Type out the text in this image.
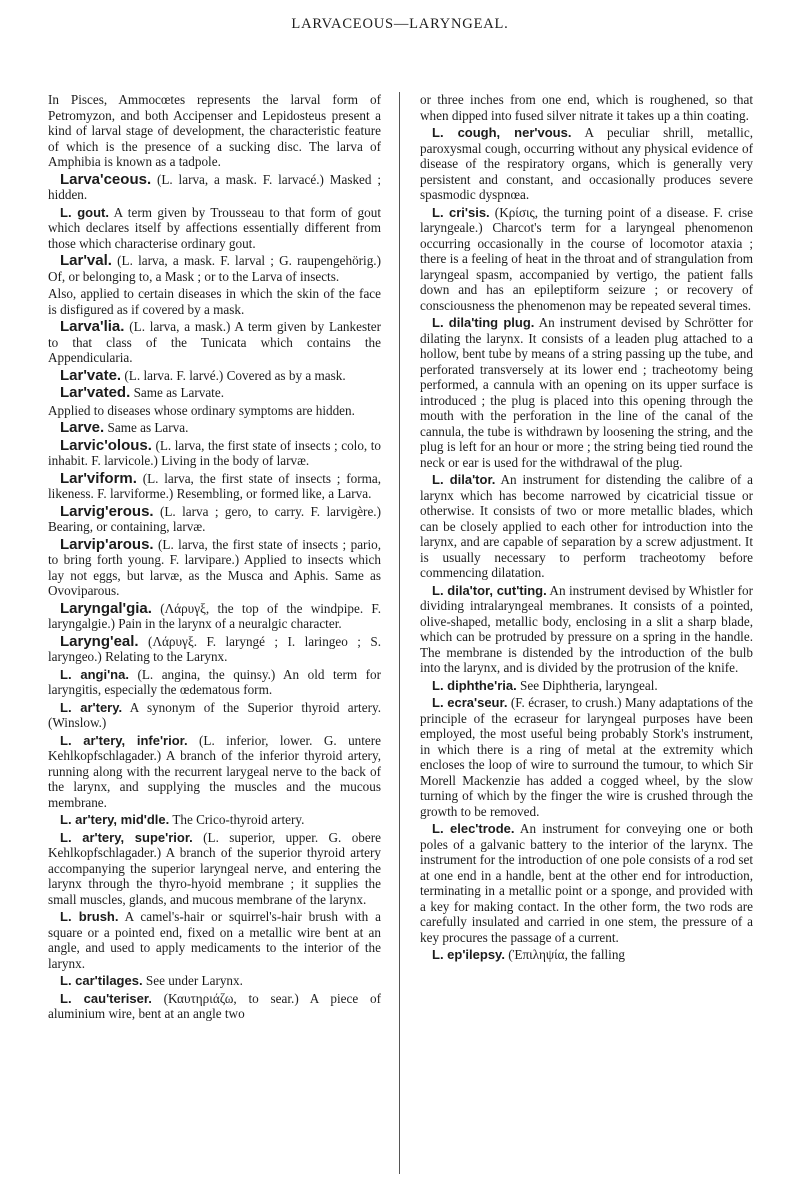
LARVACEOUS—LARYNGEAL.

In Pisces, Ammocœtes represents the larval form of Petromyzon, and both Accipenser and Lepidosteus present a kind of larval stage of development, the characteristic feature of which is the presence of a sucking disc. The larva of Amphibia is known as a tadpole.

Larva'ceous. (L. larva, a mask. F. larvacé.) Masked ; hidden.

L. gout. A term given by Trousseau to that form of gout which declares itself by affections essentially different from those which characterise ordinary gout.

Lar'val. (L. larva, a mask. F. larval ; G. raupengehörig.) Of, or belonging to, a Mask ; or to the Larva of insects.

Also, applied to certain diseases in which the skin of the face is disfigured as if covered by a mask.

Larva'lia. (L. larva, a mask.) A term given by Lankester to that class of the Tunicata which contains the Appendicularia.

Lar'vate. (L. larva. F. larvé.) Covered as by a mask.

Lar'vated. Same as Larvate.

Applied to diseases whose ordinary symptoms are hidden.

Larve. Same as Larva.

Larvic'olous. (L. larva, the first state of insects ; colo, to inhabit. F. larvicole.) Living in the body of larvæ.

Lar'viform. (L. larva, the first state of insects ; forma, likeness. F. larviforme.) Resembling, or formed like, a Larva.

Larvig'erous. (L. larva ; gero, to carry. F. larvigère.) Bearing, or containing, larvæ.

Larvip'arous. (L. larva, the first state of insects ; pario, to bring forth young. F. larvipare.) Applied to insects which lay not eggs, but larvæ, as the Musca and Aphis. Same as Ovoviparous.

Laryngal'gia. (Λάρυγξ, the top of the windpipe. F. laryngalgie.) Pain in the larynx of a neuralgic character.

Laryng'eal. (Λάρυγξ. F. laryngé ; I. laringeo ; S. laryngeo.) Relating to the Larynx.

L. angi'na. (L. angina, the quinsy.) An old term for laryngitis, especially the œdematous form.

L. ar'tery. A synonym of the Superior thyroid artery. (Winslow.)

L. ar'tery, infe'rior. (L. inferior, lower. G. untere Kehlkopfschlagader.) A branch of the inferior thyroid artery, running along with the recurrent larygeal nerve to the back of the larynx, and supplying the muscles and the mucous membrane.

L. ar'tery, mid'dle. The Crico-thyroid artery.

L. ar'tery, supe'rior. (L. superior, upper. G. obere Kehlkopfschlagader.) A branch of the superior thyroid artery accompanying the superior laryngeal nerve, and entering the larynx through the thyro-hyoid membrane ; it supplies the small muscles, glands, and mucous membrane of the larynx.

L. brush. A camel's-hair or squirrel's-hair brush with a square or a pointed end, fixed on a metallic wire bent at an angle, and used to apply medicaments to the interior of the larynx.

L. car'tilages. See under Larynx.

L. cau'teriser. (Καυτηριάζω, to sear.) A piece of aluminium wire, bent at an angle two

or three inches from one end, which is roughened, so that when dipped into fused silver nitrate it takes up a thin coating.

L. cough, ner'vous. A peculiar shrill, metallic, paroxysmal cough, occurring without any physical evidence of disease of the respiratory organs, which is generally very persistent and constant, and occasionally produces severe spasmodic dyspnœa.

L. cri'sis. (Κρίσις, the turning point of a disease. F. crise laryngeale.) Charcot's term for a laryngeal phenomenon occurring occasionally in the course of locomotor ataxia ; there is a feeling of heat in the throat and of strangulation from laryngeal spasm, accompanied by vertigo, the patient falls down and has an epileptiform seizure ; or recovery of consciousness the phenomenon may be repeated several times.

L. dila'ting plug. An instrument devised by Schrötter for dilating the larynx. It consists of a leaden plug attached to a hollow, bent tube by means of a string passing up the tube, and perforated transversely at its lower end ; tracheotomy being performed, a cannula with an opening on its upper surface is introduced ; the plug is placed into this opening through the mouth with the perforation in the line of the canal of the cannula, the tube is withdrawn by loosening the string, and the plug is left for an hour or more ; the string being tied round the neck or ear is used for the withdrawal of the plug.

L. dila'tor. An instrument for distending the calibre of a larynx which has become narrowed by cicatricial tissue or otherwise. It consists of two or more metallic blades, which can be closely applied to each other for introduction into the larynx, and are capable of separation by a screw adjustment. It is usually necessary to perform tracheotomy before commencing dilatation.

L. dila'tor, cut'ting. An instrument devised by Whistler for dividing intralaryngeal membranes. It consists of a pointed, olive-shaped, metallic body, enclosing in a slit a sharp blade, which can be protruded by pressure on a spring in the handle. The membrane is distended by the introduction of the bulb into the larynx, and is divided by the protrusion of the knife.

L. diphthe'ria. See Diphtheria, laryngeal.

L. ecra'seur. (F. écraser, to crush.) Many adaptations of the principle of the ecraseur for laryngeal purposes have been employed, the most useful being probably Stork's instrument, in which there is a ring of metal at the extremity which encloses the loop of wire to surround the tumour, to which Sir Morell Mackenzie has added a cogged wheel, by the slow turning of which by the finger the wire is crushed through the growth to be removed.

L. elec'trode. An instrument for conveying one or both poles of a galvanic battery to the interior of the larynx. The instrument for the introduction of one pole consists of a rod set at one end in a handle, bent at the other end for introduction, terminating in a metallic point or a sponge, and provided with a key for making contact. In the other form, the two rods are carefully insulated and carried in one stem, the pressure of a key procures the passage of a current.

L. ep'ilepsy. (Ἐπιληψία, the falling
